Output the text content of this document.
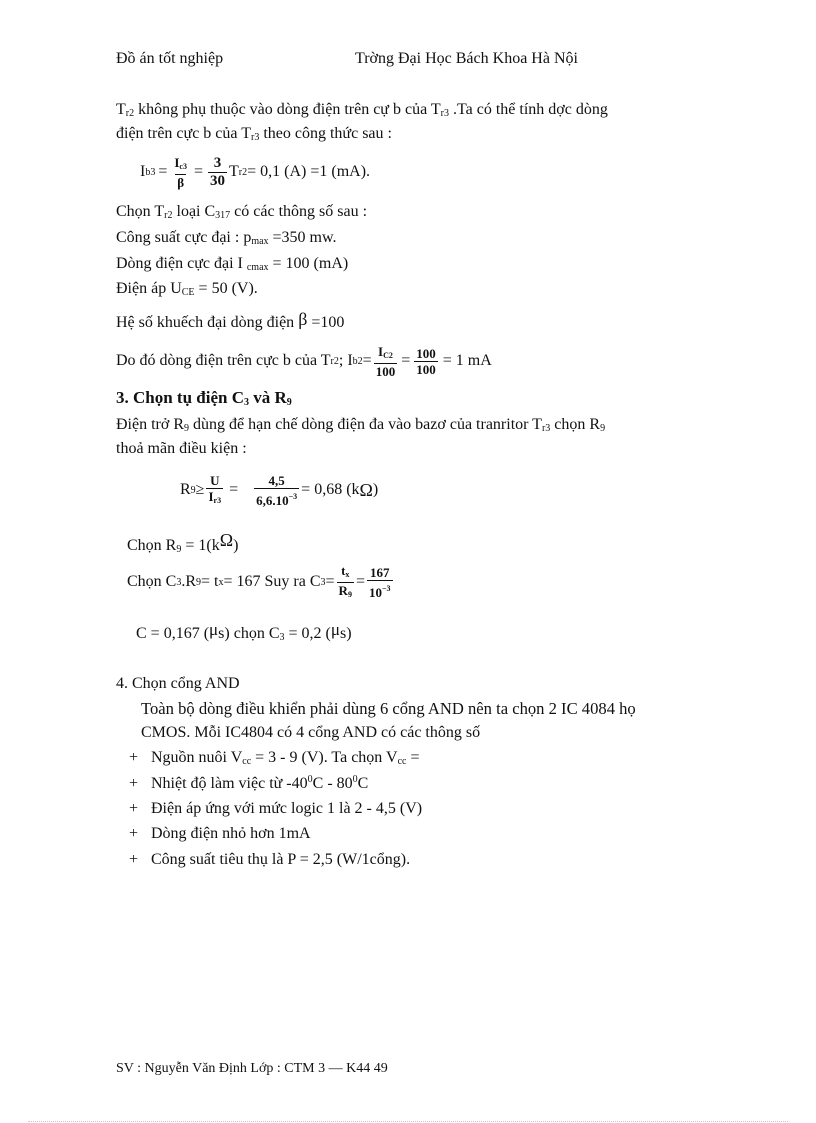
Đồ án tốt nghiệp	Trờng Đại Học Bách Khoa Hà Nội
$T_{r2}$ không phụ thuộc vào dòng điện trên cự b của $T_{r3}$ .Ta có thể tính dợc dòng
điện trên cực b của $T_{r3}$ theo công thức sau :
I $b3 = \frac{I_{c3}}{\beta} = \frac{3}{30}$ T r2 = 0,1 (A) =1 (mA).
Chọn $T_{r2}$ loại $C_{317}$ có các thông số sau :
Công suất cực đại : $p_{max} =350$ mw.
Dòng điện cực đại I $_{cmax}$ = 100 (mA)
Điện áp $U_{CE} = 50$ (V).
Hệ số khuếch đại dòng điện β =100
Do đó dòng điện trên cực b của T r2 ; I $b2 = \frac{I_{C2}}{100} = \frac{100}{100} = 1$ mA
3. Chọn tụ điện $C_3$ và $R_9$
Điện trở $R_9$ dùng để hạn chế dòng điện đa vào bazơ của tranritor $T_{r3}$ chọn $R_9$
thoả mãn điều kiện :
R $9 \ge \frac{U}{I_{r3}} = \frac{4,5}{6,6.10^{-3}} = 0,68$ (k Ω )
Chọn $R_9 = 1(k\Omega)$
Chọn C 3 .R 9 = t x = 167 Suy ra C $3 = \frac{t_x}{R_9} = \frac{167}{10^{-3}}$
C = 0,167 (μs) chọn $C_3 = 0,2$ (μs)
4. Chọn cổng AND
Toàn bộ dòng điều khiển phải dùng 6 cổng AND nên ta chọn 2 IC 4084 họ
CMOS. Mỗi IC4804 có 4 cổng AND có các thông số
+ Nguồn nuôi $V_{cc} = 3 - 9$ (V). Ta chọn $V_{cc}$ =
+ Nhiệt độ làm việc từ $-40^0C - 80^0C$
+ Điện áp ứng với mức logic 1 là 2 - 4,5 (V)
+ Dòng điện nhỏ hơn 1mA
+ Công suất tiêu thụ là P = 2,5 (W/1cổng).
SV : Nguyễn Văn Định Lớp : CTM 3 — K44 49
